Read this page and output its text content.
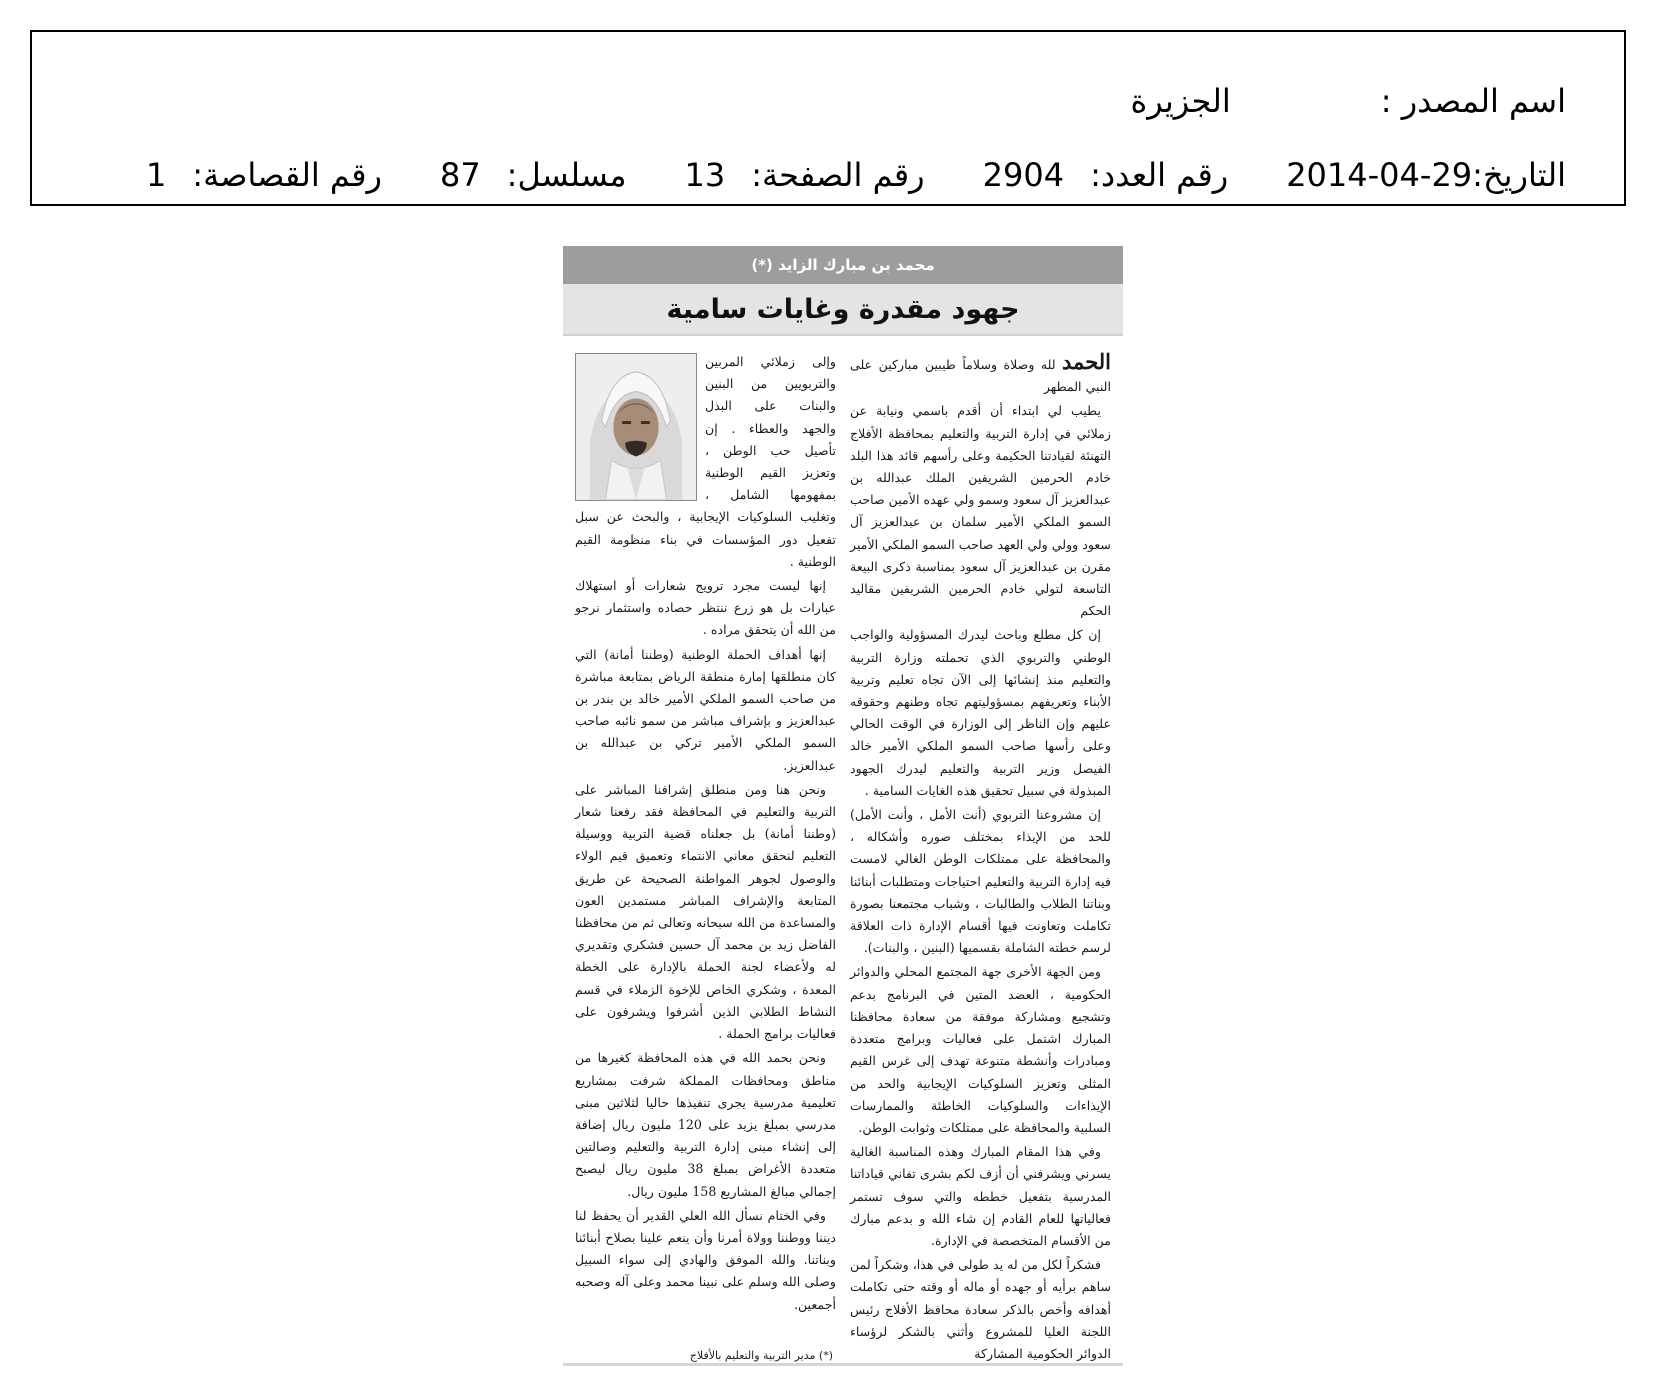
اسم المصدر :
الجزيرة
التاريخ:
2014-04-29
رقم العدد:
2904
رقم الصفحة:
13
مسلسل:
87
رقم القصاصة:
1
محمد بن مبارك الزايد (*)
جهود مقدرة وغايات سامية

الحمد لله وصلاة وسلاماً طيبين مباركين على النبي المطهر

يطيب لي ابتداء أن أقدم باسمي ونيابة عن زملائي في إدارة التربية والتعليم بمحافظة الأفلاج التهنئة لقيادتنا الحكيمة وعلى رأسهم قائد هذا البلد خادم الحرمين الشريفين الملك عبدالله بن عبدالعزيز آل سعود وسمو ولي عهده الأمين صاحب السمو الملكي الأمير سلمان بن عبدالعزيز آل سعود وولي ولي العهد صاحب السمو الملكي الأمير مقرن بن عبدالعزيز آل سعود بمناسبة ذكرى البيعة التاسعة لتولي خادم الحرمين الشريفين مقاليد الحكم

إن كل مطلع وباحث ليدرك المسؤولية والواجب الوطني والتربوي الذي تحملته وزارة التربية والتعليم منذ إنشائها إلى الآن تجاه تعليم وتربية الأبناء وتعريفهم بمسؤوليتهم تجاه وطنهم وحقوقه عليهم وإن الناظر إلى الوزارة في الوقت الحالي وعلى رأسها صاحب السمو الملكي الأمير خالد الفيصل وزير التربية والتعليم ليدرك الجهود المبذولة في سبيل تحقيق هذه الغايات السامية .

إن مشروعنا التربوي (أنت الأمل ، وأنت الأمل) للحد من الإيذاء بمختلف صوره وأشكاله ، والمحافظة على ممتلكات الوطن الغالي لامست فيه إدارة التربية والتعليم احتياجات ومتطلبات أبنائنا وبناتنا الطلاب والطالبات ، وشباب مجتمعنا بصورة تكاملت وتعاونت فيها أقسام الإدارة ذات العلاقة لرسم خطته الشاملة بقسميها (البنين ، والبنات).

ومن الجهة الأخرى جهة المجتمع المحلي والدوائر الحكومية ، العضد المتين في البرنامج بدعم وتشجيع ومشاركة موفقة من سعادة محافظنا المبارك اشتمل على فعاليات وبرامج متعددة ومبادرات وأنشطة متنوعة تهدف إلى غرس القيم المثلى وتعزيز السلوكيات الإيجابية والحد من الإيذاءات والسلوكيات الخاطئة والممارسات السلبية والمحافظة على ممتلكات وثوابت الوطن.

وفي هذا المقام المبارك وهذه المناسبة الغالية يسرني ويشرفني أن أزف لكم بشرى تفاني قياداتنا المدرسية بتفعيل خططه والتي سوف تستمر فعالياتها للعام القادم إن شاء الله و بدعم مبارك من الأقسام المتخصصة في الإدارة.

فشكراً لكل من له يد طولى في هذا، وشكراً لمن ساهم برأيه أو جهده أو ماله أو وقته حتى تكاملت أهدافه وأخص بالذكر سعادة محافظ الأفلاج رئيس اللجنة العليا للمشروع وأثني بالشكر لرؤساء الدوائر الحكومية المشاركة

وإلى زملائي المربين والتربويين من البنين والبنات على البذل والجهد والعطاء . إن تأصيل حب الوطن ، وتعزيز القيم الوطنية بمفهومها الشامل ، وتغليب السلوكيات الإيجابية ، والبحث عن سبل تفعيل دور المؤسسات في بناء منظومة القيم الوطنية .

إنها ليست مجرد ترويج شعارات أو استهلاك عبارات بل هو زرع ننتظر حصاده واستثمار نرجو من الله أن يتحقق مراده .

إنها أهداف الحملة الوطنية (وطننا أمانة) التي كان منطلقها إمارة منطقة الرياض بمتابعة مباشرة من صاحب السمو الملكي الأمير خالد بن بندر بن عبدالعزيز و بإشراف مباشر من سمو نائبه صاحب السمو الملكي الأمير تركي بن عبدالله بن عبدالعزيز.

ونحن هنا ومن منطلق إشرافنا المباشر على التربية والتعليم في المحافظة فقد رفعنا شعار (وطننا أمانة) بل جعلناه قضية التربية ووسيلة التعليم لنحقق معاني الانتماء وتعميق قيم الولاء والوصول لجوهر المواطنة الصحيحة عن طريق المتابعة والإشراف المباشر مستمدين العون والمساعدة من الله سبحانه وتعالى ثم من محافظنا الفاضل زيد بن محمد آل حسين فشكري وتقديري له ولأعضاء لجنة الحملة بالإدارة على الخطة المعدة ، وشكري الخاص للإخوة الزملاء في قسم النشاط الطلابي الذين أشرفوا ويشرفون على فعاليات برامج الحملة .

ونحن بحمد الله في هذه المحافظة كغيرها من مناطق ومحافظات المملكة شرفت بمشاريع تعليمية مدرسية يجرى تنفيذها حاليا لثلاثين مبنى مدرسي بمبلغ يزيد على 120 مليون ريال إضافة إلى إنشاء مبنى إدارة التربية والتعليم وصالتين متعددة الأغراض بمبلغ 38 مليون ريال ليصبح إجمالي مبالغ المشاريع 158 مليون ريال.

وفي الختام نسأل الله العلي القدير أن يحفظ لنا ديننا ووطننا وولاة أمرنا وأن ينعم علينا بصلاح أبنائنا وبناتنا. والله الموفق والهادي إلى سواء السبيل وصلى الله وسلم على نبينا محمد وعلى آله وصحبه أجمعين.

(*) مدير التربية والتعليم بالأفلاج
